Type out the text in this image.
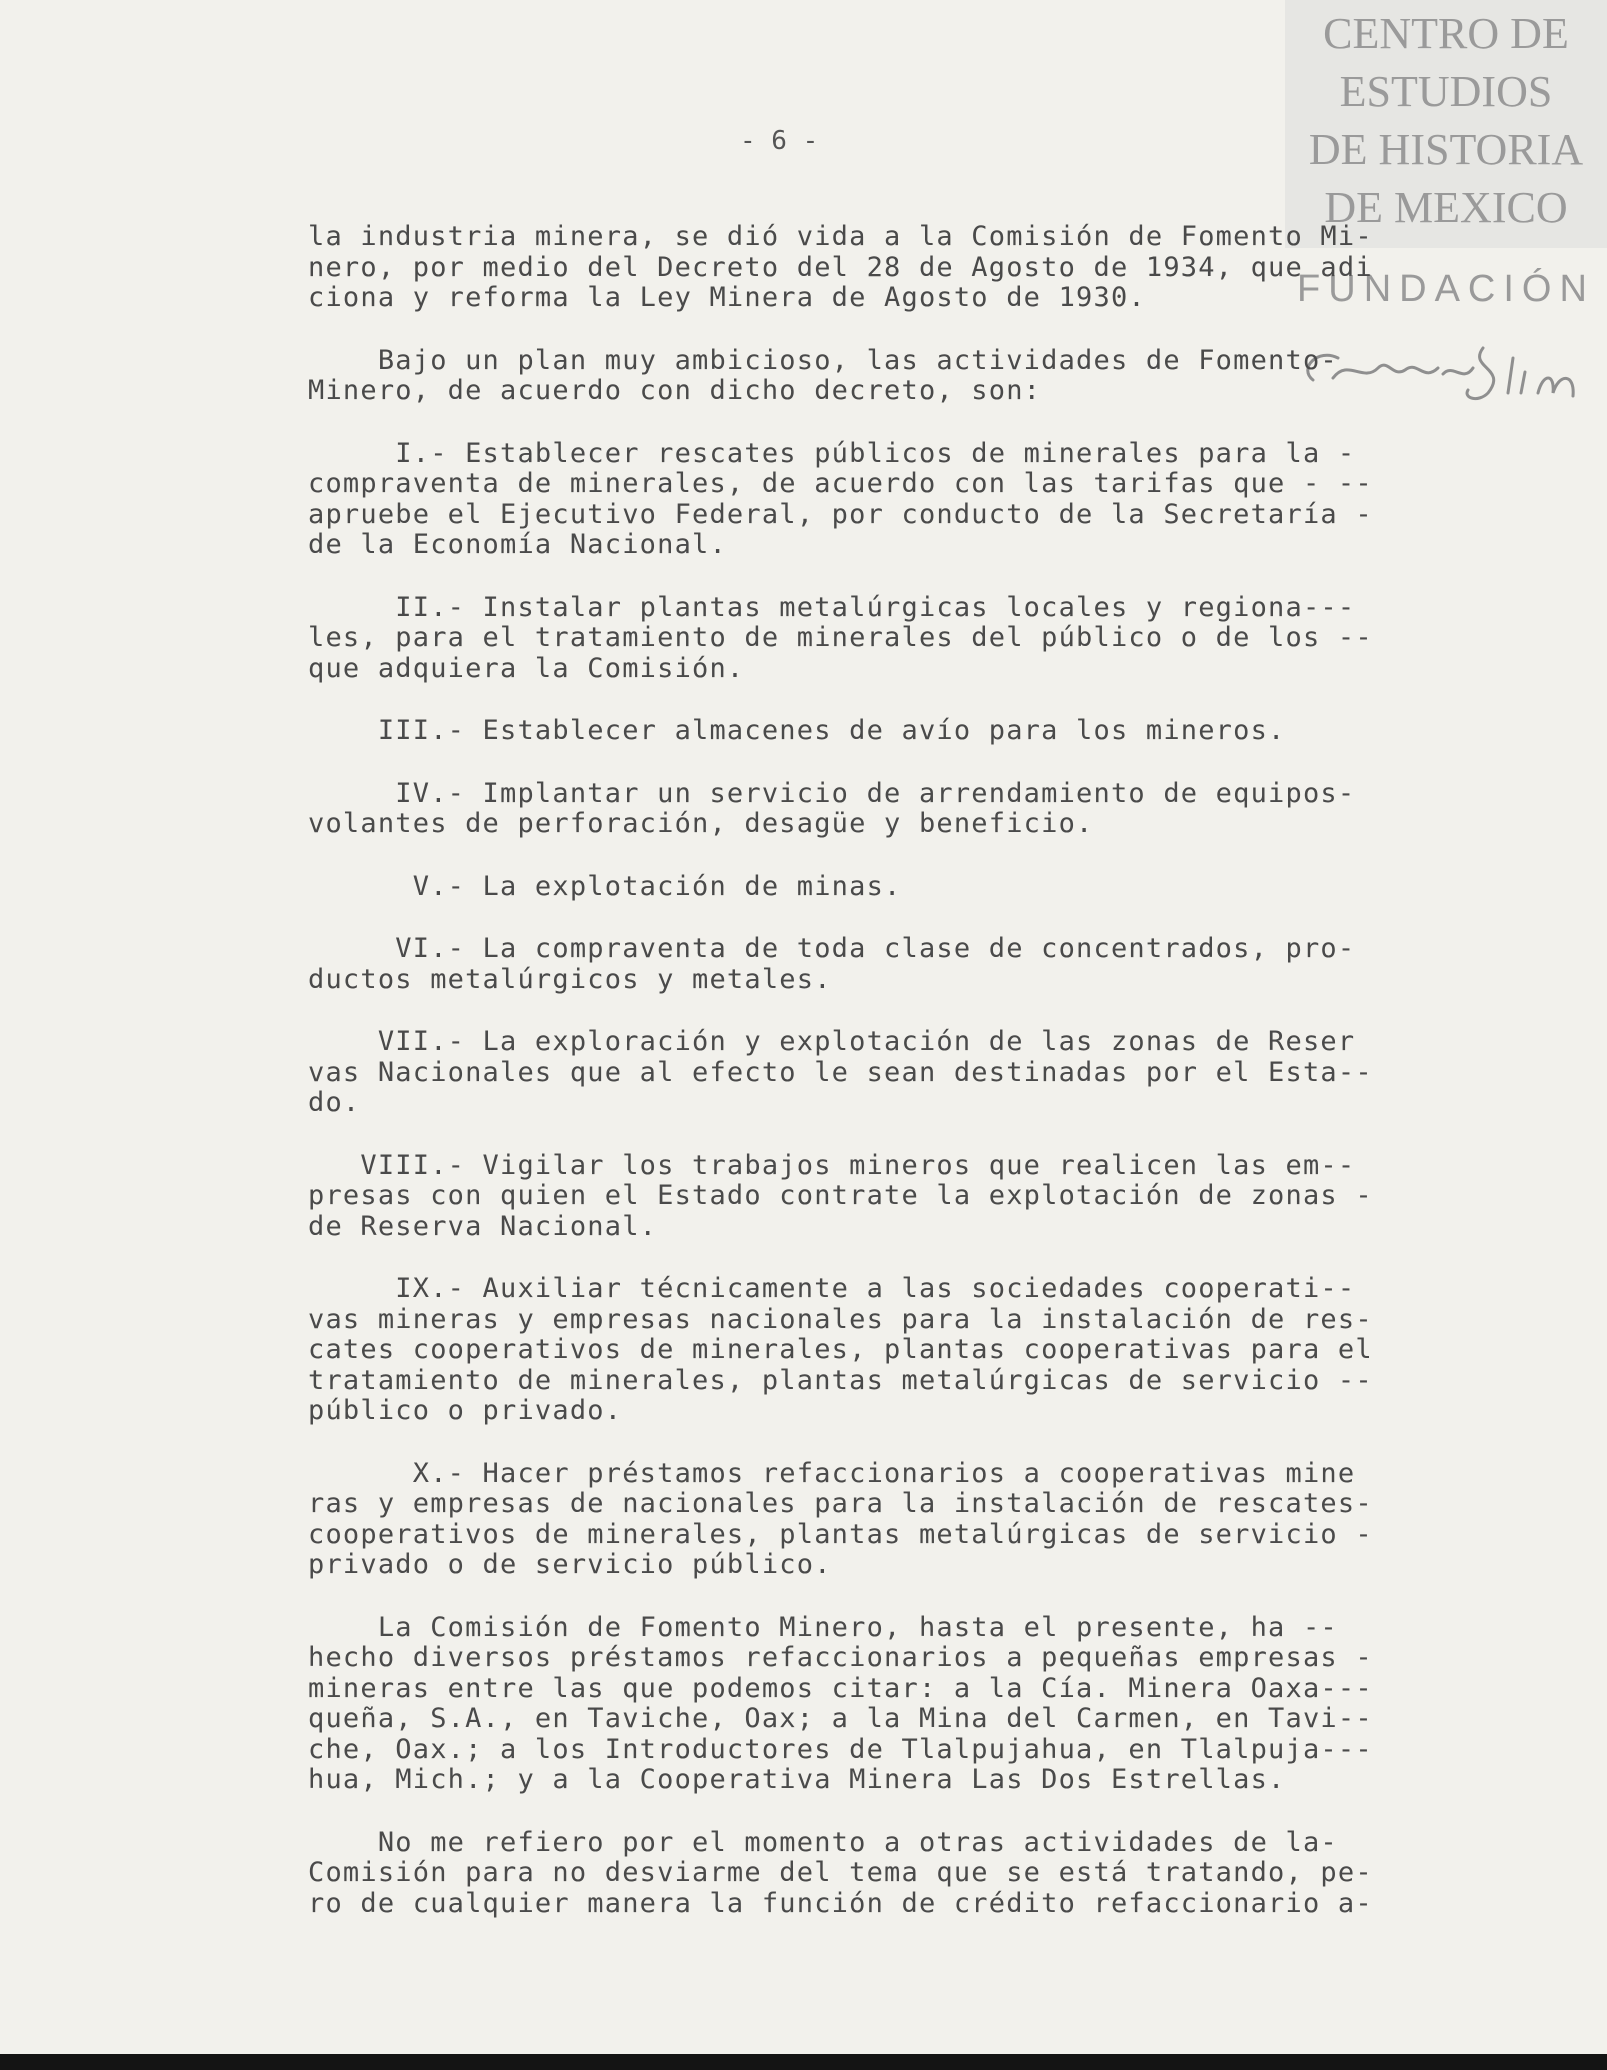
CENTRO DE
ESTUDIOS
DE HISTORIA
DE MEXICO
FUNDACIÓN
- 6 -
la industria minera, se dió vida a la Comisión de Fomento Mi-
nero, por medio del Decreto del 28 de Agosto de 1934, que adi
ciona y reforma la Ley Minera de Agosto de 1930.
Bajo un plan muy ambicioso, las actividades de Fomento-
Minero, de acuerdo con dicho decreto, son:
I.- Establecer rescates públicos de minerales para la -
compraventa de minerales, de acuerdo con las tarifas que - --
apruebe el Ejecutivo Federal, por conducto de la Secretaría -
de la Economía Nacional.
II.- Instalar plantas metalúrgicas locales y regiona---
les, para el tratamiento de minerales del público o de los --
que adquiera la Comisión.
III.- Establecer almacenes de avío para los mineros.
IV.- Implantar un servicio de arrendamiento de equipos-
volantes de perforación, desagüe y beneficio.
V.- La explotación de minas.
VI.- La compraventa de toda clase de concentrados, pro-
ductos metalúrgicos y metales.
VII.- La exploración y explotación de las zonas de Reser
vas Nacionales que al efecto le sean destinadas por el Esta--
do.
VIII.- Vigilar los trabajos mineros que realicen las em--
presas con quien el Estado contrate la explotación de zonas -
de Reserva Nacional.
IX.- Auxiliar técnicamente a las sociedades cooperati--
vas mineras y empresas nacionales para la instalación de res-
cates cooperativos de minerales, plantas cooperativas para el
tratamiento de minerales, plantas metalúrgicas de servicio --
público o privado.
X.- Hacer préstamos refaccionarios a cooperativas mine
ras y empresas de nacionales para la instalación de rescates-
cooperativos de minerales, plantas metalúrgicas de servicio -
privado o de servicio público.
La Comisión de Fomento Minero, hasta el presente, ha --
hecho diversos préstamos refaccionarios a pequeñas empresas -
mineras entre las que podemos citar: a la Cía. Minera Oaxa---
queña, S.A., en Taviche, Oax; a la Mina del Carmen, en Tavi--
che, Oax.; a los Introductores de Tlalpujahua, en Tlalpuja---
hua, Mich.; y a la Cooperativa Minera Las Dos Estrellas.
No me refiero por el momento a otras actividades de la-
Comisión para no desviarme del tema que se está tratando, pe-
ro de cualquier manera la función de crédito refaccionario a-
